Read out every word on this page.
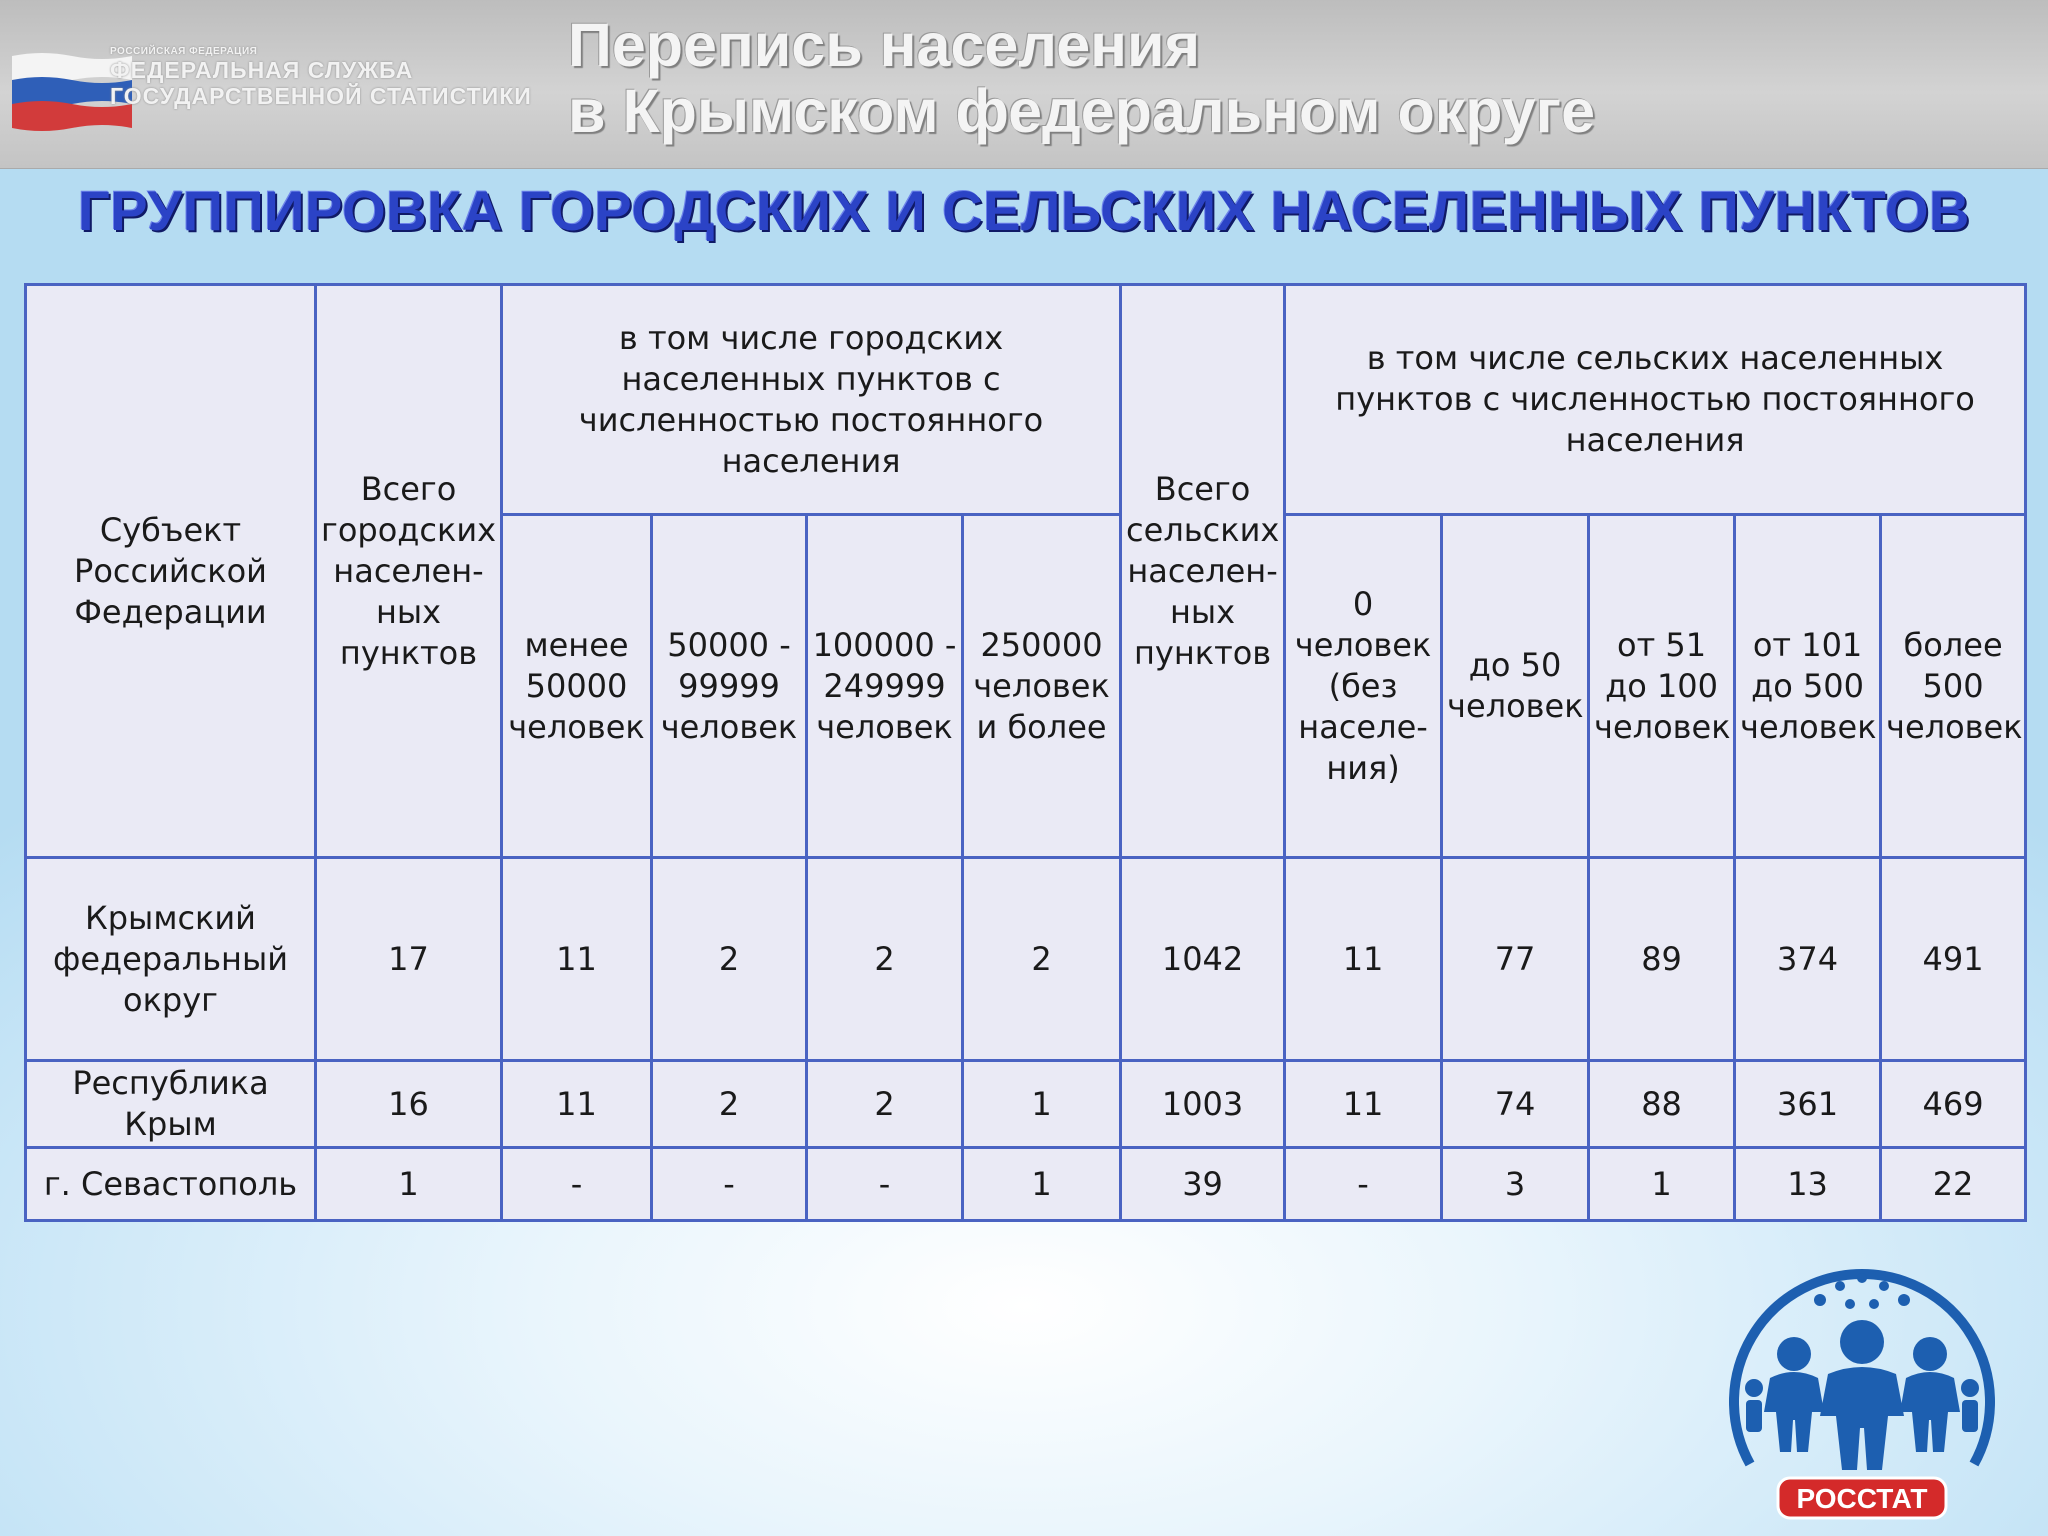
РОССИЙСКАЯ ФЕДЕРАЦИЯ
ФЕДЕРАЛЬНАЯ СЛУЖБА
ГОСУДАРСТВЕННОЙ СТАТИСТИКИ
Перепись населения
в Крымском федеральном округе
ГРУППИРОВКА ГОРОДСКИХ И СЕЛЬСКИХ НАСЕЛЕННЫХ ПУНКТОВ
Субъект Российской Федерации	Всего городских населен-ных пунктов	в том числе городских населенных пунктов с численностью постоянного населения				Всего сельских населен-ных пунктов	в том числе сельских населенных пунктов с численностью постоянного населения				
		менее 50000 человек	50000 - 99999 человек	100000 - 249999 человек	250000 человек и более		0 человек (без населе-ния)	до 50 человек	от 51 до 100 человек	от 101 до 500 человек	более 500 человек
Крымский федеральный округ	17	11	2	2	2	1042	11	77	89	374	491
Республика Крым	16	11	2	2	1	1003	11	74	88	361	469
г. Севастополь	1	-	-	-	1	39	-	3	1	13	22
РОССТАТ
